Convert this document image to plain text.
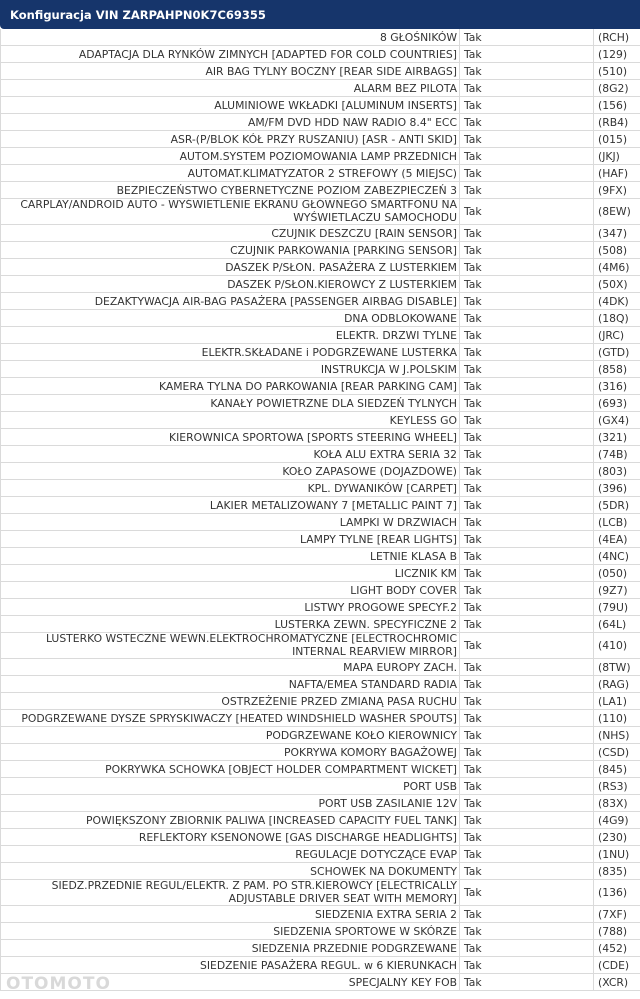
Konfiguracja VIN ZARPAHPN0K7C69355
8 GŁOŚNIKÓW Tak	(RCH)
ADAPTACJA DLA RYNKÓW ZIMNYCH [ADAPTED FOR COLD COUNTRIES] Tak	(129)
AIR BAG TYLNY BOCZNY [REAR SIDE AIRBAGS] Tak	(510)
ALARM BEZ PILOTA Tak	(8G2)
ALUMINIOWE WKŁADKI [ALUMINUM INSERTS] Tak	(156)
AM/FM DVD HDD NAW RADIO 8.4" ECC Tak	(RB4)
ASR-(P/BLOK KÓŁ PRZY RUSZANIU) [ASR - ANTI SKID] Tak	(015)
AUTOM.SYSTEM POZIOMOWANIA LAMP PRZEDNICH Tak	(JKJ)
AUTOMAT.KLIMATYZATOR 2 STREFOWY (5 MIEJSC) Tak	(HAF)
BEZPIECZEŃSTWO CYBERNETYCZNE POZIOM ZABEZPIECZEŃ 3 Tak	(9FX)
CARPLAY/ANDROID AUTO - WYŚWIETLENIE EKRANU GŁÓWNEGO SMARTFONU NA WYŚWIETLACZU SAMOCHODU Tak	(8EW)
CZUJNIK DESZCZU [RAIN SENSOR] Tak	(347)
CZUJNIK PARKOWANIA [PARKING SENSOR] Tak	(508)
DASZEK P/SŁON. PASAŻERA Z LUSTERKIEM Tak	(4M6)
DASZEK P/SŁON.KIEROWCY Z LUSTERKIEM Tak	(50X)
DEZAKTYWACJA AIR-BAG PASAŻERA [PASSENGER AIRBAG DISABLE] Tak	(4DK)
DNA ODBLOKOWANE Tak	(18Q)
ELEKTR. DRZWI TYLNE Tak	(JRC)
ELEKTR.SKŁADANE i PODGRZEWANE LUSTERKA Tak	(GTD)
INSTRUKCJA W J.POLSKIM Tak	(858)
KAMERA TYLNA DO PARKOWANIA [REAR PARKING CAM] Tak	(316)
KANAŁY POWIETRZNE DLA SIEDZEŃ TYLNYCH Tak	(693)
KEYLESS GO Tak	(GX4)
KIEROWNICA SPORTOWA [SPORTS STEERING WHEEL] Tak	(321)
KOŁA ALU EXTRA SERIA 32 Tak	(74B)
KOŁO ZAPASOWE (DOJAZDOWE) Tak	(803)
KPL. DYWANIKÓW [CARPET] Tak	(396)
LAKIER METALIZOWANY 7 [METALLIC PAINT 7] Tak	(5DR)
LAMPKI W DRZWIACH Tak	(LCB)
LAMPY TYLNE [REAR LIGHTS] Tak	(4EA)
LETNIE KLASA B Tak	(4NC)
LICZNIK KM Tak	(050)
LIGHT BODY COVER Tak	(9Z7)
LISTWY PROGOWE SPECYF.2 Tak	(79U)
LUSTERKA ZEWN. SPECYFICZNE 2 Tak	(64L)
LUSTERKO WSTECZNE WEWN.ELEKTROCHROMATYCZNE [ELECTROCHROMIC INTERNAL REARVIEW MIRROR] Tak	(410)
MAPA EUROPY ZACH. Tak	(8TW)
NAFTA/EMEA STANDARD RADIA Tak	(RAG)
OSTRZEŻENIE PRZED ZMIANĄ PASA RUCHU Tak	(LA1)
PODGRZEWANE DYSZE SPRYSKIWACZY [HEATED WINDSHIELD WASHER SPOUTS] Tak	(110)
PODGRZEWANE KOŁO KIEROWNICY Tak	(NHS)
POKRYWA KOMORY BAGAŻOWEJ Tak	(CSD)
POKRYWKA SCHOWKA [OBJECT HOLDER COMPARTMENT WICKET] Tak	(845)
PORT USB Tak	(RS3)
PORT USB ZASILANIE 12V Tak	(83X)
POWIĘKSZONY ZBIORNIK PALIWA [INCREASED CAPACITY FUEL TANK] Tak	(4G9)
REFLEKTORY KSENONOWE [GAS DISCHARGE HEADLIGHTS] Tak	(230)
REGULACJE DOTYCZĄCE EVAP Tak	(1NU)
SCHOWEK NA DOKUMENTY Tak	(835)
SIEDZ.PRZEDNIE REGUL/ELEKTR. Z PAM. PO STR.KIEROWCY [ELECTRICALLY ADJUSTABLE DRIVER SEAT WITH MEMORY] Tak	(136)
SIEDZENIA EXTRA SERIA 2 Tak	(7XF)
SIEDZENIA SPORTOWE W SKÓRZE Tak	(788)
SIEDZENIA PRZEDNIE PODGRZEWANE Tak	(452)
SIEDZENIE PASAŻERA REGUL. w 6 KIERUNKACH Tak	(CDE)
SPECJALNY KEY FOB Tak	(XCR)
OTOMOTO
